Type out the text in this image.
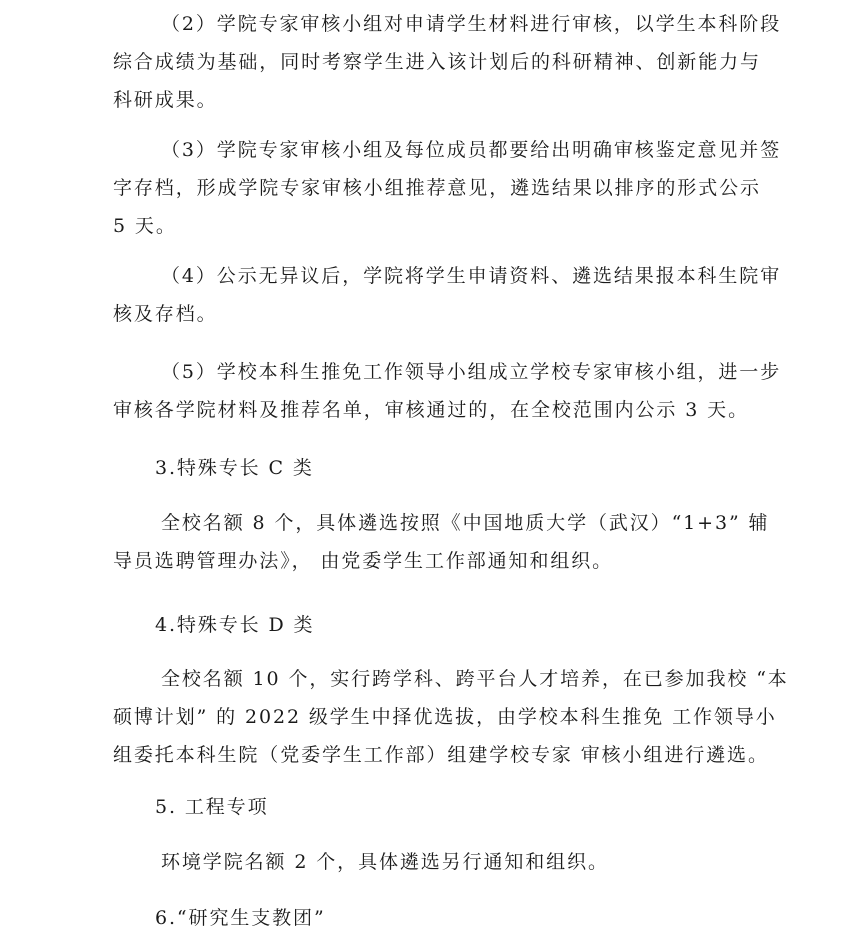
（2）学院专家审核小组对申请学生材料进行审核，以学生本科阶段
综合成绩为基础，同时考察学生进入该计划后的科研精神、创新能力与
科研成果。
（3）学院专家审核小组及每位成员都要给出明确审核鉴定意见并签
字存档，形成学院专家审核小组推荐意见，遴选结果以排序的形式公示
5 天。
（4）公示无异议后，学院将学生申请资料、遴选结果报本科生院审
核及存档。
（5）学校本科生推免工作领导小组成立学校专家审核小组，进一步
审核各学院材料及推荐名单，审核通过的，在全校范围内公示 3 天。
3.特殊专长 C 类
全校名额 8 个，具体遴选按照《中国地质大学（武汉）“1+3” 辅
导员选聘管理办法》， 由党委学生工作部通知和组织。
4.特殊专长 D 类
全校名额 10 个，实行跨学科、跨平台人才培养，在已参加我校 “本
硕博计划” 的 2022 级学生中择优选拔，由学校本科生推免 工作领导小
组委托本科生院（党委学生工作部）组建学校专家 审核小组进行遴选。
5. 工程专项
环境学院名额 2 个，具体遴选另行通知和组织。
6.“研究生支教团”
